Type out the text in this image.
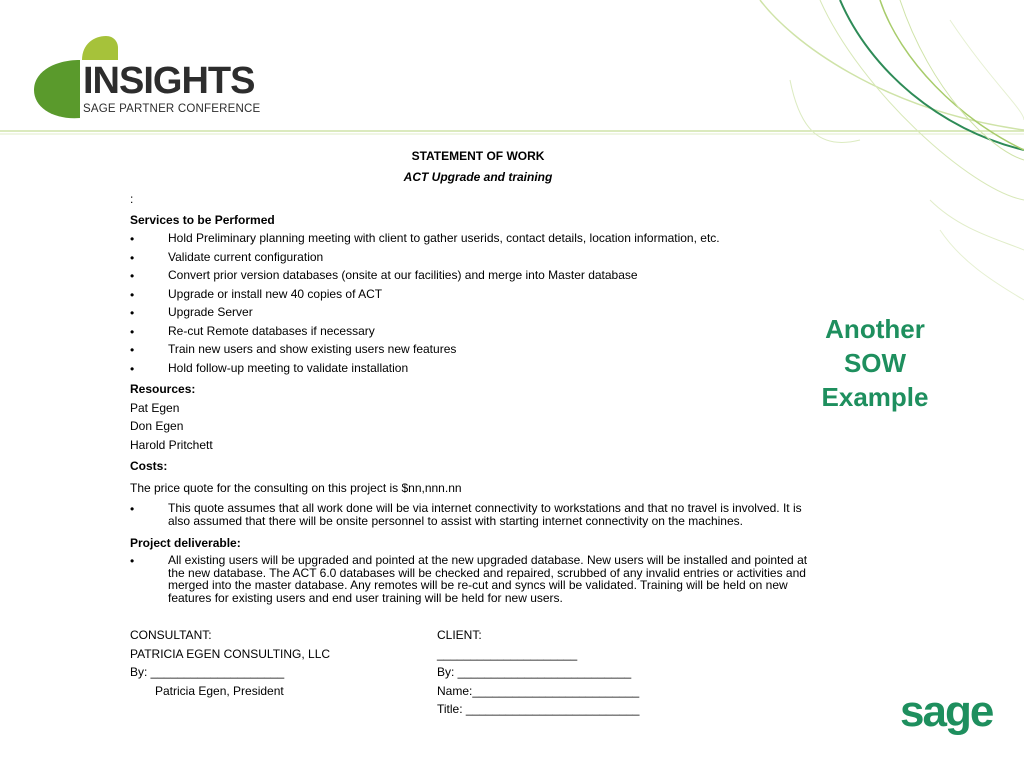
INSIGHTS
SAGE PARTNER CONFERENCE
STATEMENT OF WORK
ACT Upgrade and training
:
Services to be Performed
•	Hold Preliminary planning meeting with client to gather userids, contact details, location information, etc.
•	Validate current configuration
•	Convert prior version databases (onsite at our facilities) and merge into Master database
•	Upgrade or install new 40 copies of ACT
•	Upgrade Server
•	Re-cut Remote databases if necessary
•	Train new users and show existing users new features
•	Hold follow-up meeting to validate installation
Resources:
Pat Egen
Don Egen
Harold Pritchett
Costs:
The price quote for the consulting on this project is $nn,nnn.nn
•	This quote assumes that all work done will be via internet connectivity to workstations and that no travel is involved. It is also assumed that there will be onsite personnel to assist with starting internet connectivity on the machines.
Project deliverable:
•	All existing users will be upgraded and pointed at the new upgraded database. New users will be installed and pointed at the new database. The ACT 6.0 databases will be checked and repaired, scrubbed of any invalid entries or activities and merged into the master database. Any remotes will be re-cut and syncs will be validated. Training will be held on new features for existing users and end user training will be held for new users.
CONSULTANT:
PATRICIA EGEN CONSULTING, LLC
By: ____________________
Patricia Egen, President
CLIENT:
_____________________
By: __________________________
Name:_________________________
Title: __________________________
Another
SOW
Example
sage
